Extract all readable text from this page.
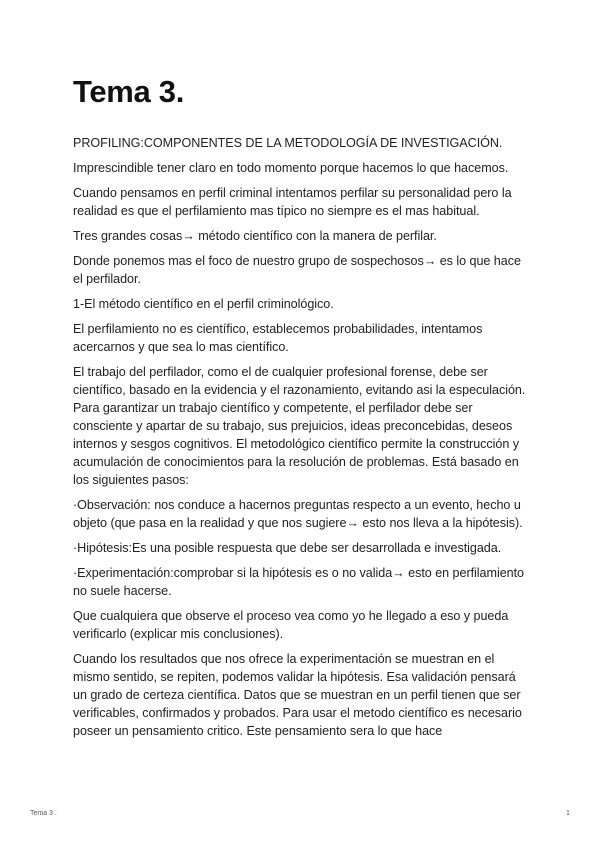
Tema 3.

PROFILING:COMPONENTES DE LA METODOLOGÍA DE INVESTIGACIÓN.

Imprescindible tener claro en todo momento porque hacemos lo que hacemos.

Cuando pensamos en perfil criminal intentamos perfilar su personalidad pero la realidad es que el perfilamiento mas típico no siempre es el mas habitual.

Tres grandes cosas→ método científico con la manera de perfilar.

Donde ponemos mas el foco de nuestro grupo de sospechosos→ es lo que hace el perfilador.

1-El método científico en el perfil criminológico.

El perfilamiento no es científico, establecemos probabilidades, intentamos acercarnos y que sea lo mas científico.

El trabajo del perfilador, como el de cualquier profesional forense, debe ser científico, basado en la evidencia y el razonamiento, evitando asi la especulación. Para garantizar un trabajo científico y competente, el perfilador debe ser consciente y apartar de su trabajo, sus prejuicios, ideas preconcebidas, deseos internos y sesgos cognitivos. El metodológico científico permite la construcción y acumulación de conocimientos para la resolución de problemas. Está basado en los siguientes pasos:

·Observación: nos conduce a hacernos preguntas respecto a un evento, hecho u objeto (que pasa en la realidad y que nos sugiere→ esto nos lleva a la hipótesis).

·Hipótesis:Es una posible respuesta que debe ser desarrollada e investigada.

·Experimentación:comprobar si la hipótesis es o no valida→ esto en perfilamiento no suele hacerse.

Que cualquiera que observe el proceso vea como yo he llegado a eso y pueda verificarlo (explicar mis conclusiones).

Cuando los resultados que nos ofrece la experimentación se muestran en el mismo sentido, se repiten, podemos validar la hipótesis. Esa validación pensará un grado de certeza científica. Datos que se muestran en un perfil tienen que ser verificables, confirmados y probados. Para usar el metodo científico es necesario poseer un pensamiento critico. Este pensamiento sera lo que hace

Tema 3 .	1
